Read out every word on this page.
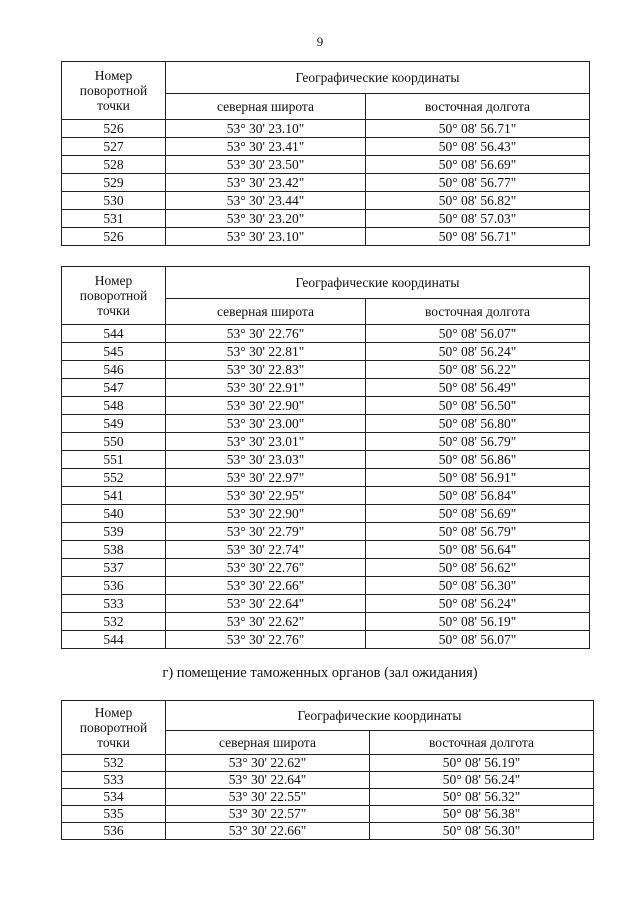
9
Номер поворотной точки	Географические координаты	
	северная широта	восточная долгота
526	53° 30' 23.10"	50° 08' 56.71"
527	53° 30' 23.41"	50° 08' 56.43"
528	53° 30' 23.50"	50° 08' 56.69"
529	53° 30' 23.42"	50° 08' 56.77"
530	53° 30' 23.44"	50° 08' 56.82"
531	53° 30' 23.20"	50° 08' 57.03"
526	53° 30' 23.10"	50° 08' 56.71"
Номер поворотной точки	Географические координаты	
	северная широта	восточная долгота
544	53° 30' 22.76"	50° 08' 56.07"
545	53° 30' 22.81"	50° 08' 56.24"
546	53° 30' 22.83"	50° 08' 56.22"
547	53° 30' 22.91"	50° 08' 56.49"
548	53° 30' 22.90"	50° 08' 56.50"
549	53° 30' 23.00"	50° 08' 56.80"
550	53° 30' 23.01"	50° 08' 56.79"
551	53° 30' 23.03"	50° 08' 56.86"
552	53° 30' 22.97"	50° 08' 56.91"
541	53° 30' 22.95"	50° 08' 56.84"
540	53° 30' 22.90"	50° 08' 56.69"
539	53° 30' 22.79"	50° 08' 56.79"
538	53° 30' 22.74"	50° 08' 56.64"
537	53° 30' 22.76"	50° 08' 56.62"
536	53° 30' 22.66"	50° 08' 56.30"
533	53° 30' 22.64"	50° 08' 56.24"
532	53° 30' 22.62"	50° 08' 56.19"
544	53° 30' 22.76"	50° 08' 56.07"
г) помещение таможенных органов (зал ожидания)
Номер поворотной точки	Географические координаты	
	северная широта	восточная долгота
532	53° 30' 22.62"	50° 08' 56.19"
533	53° 30' 22.64"	50° 08' 56.24"
534	53° 30' 22.55"	50° 08' 56.32"
535	53° 30' 22.57"	50° 08' 56.38"
536	53° 30' 22.66"	50° 08' 56.30"
